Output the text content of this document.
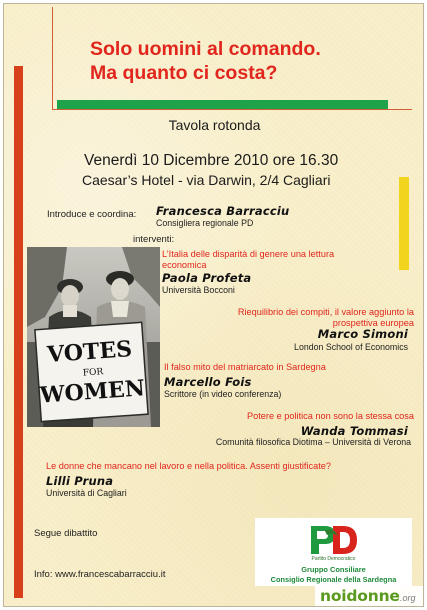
Solo uomini al comando.
Ma quanto ci costa?
Tavola rotonda
Venerdì 10 Dicembre 2010 ore 16.30
Caesar’s Hotel - via Darwin, 2/4 Cagliari
Introduce e coordina: Francesca Barracciu
Consigliera regionale PD
interventi:
VOTES
FOR
WOMEN
L’Italia delle disparità di genere una lettura economica
Paola Profeta
Università Bocconi
Riequilibrio dei compiti, il valore aggiunto la prospettiva europea
Marco Simoni
London School of Economics
Il falso mito del matriarcato in Sardegna
Marcello Fois
Scrittore (in video conferenza)
Potere e politica non sono la stessa cosa
Wanda Tommasi
Comunità filosofica Diotima – Università di Verona
Le donne che mancano nel lavoro e nella politica. Assenti giustificate?
Lilli Pruna
Università di Cagliari
Segue dibattito
Info: www.francescabarracciu.it
Partito Democratico
Gruppo Consiliare
Consiglio Regionale della Sardegna
noidonne .org
